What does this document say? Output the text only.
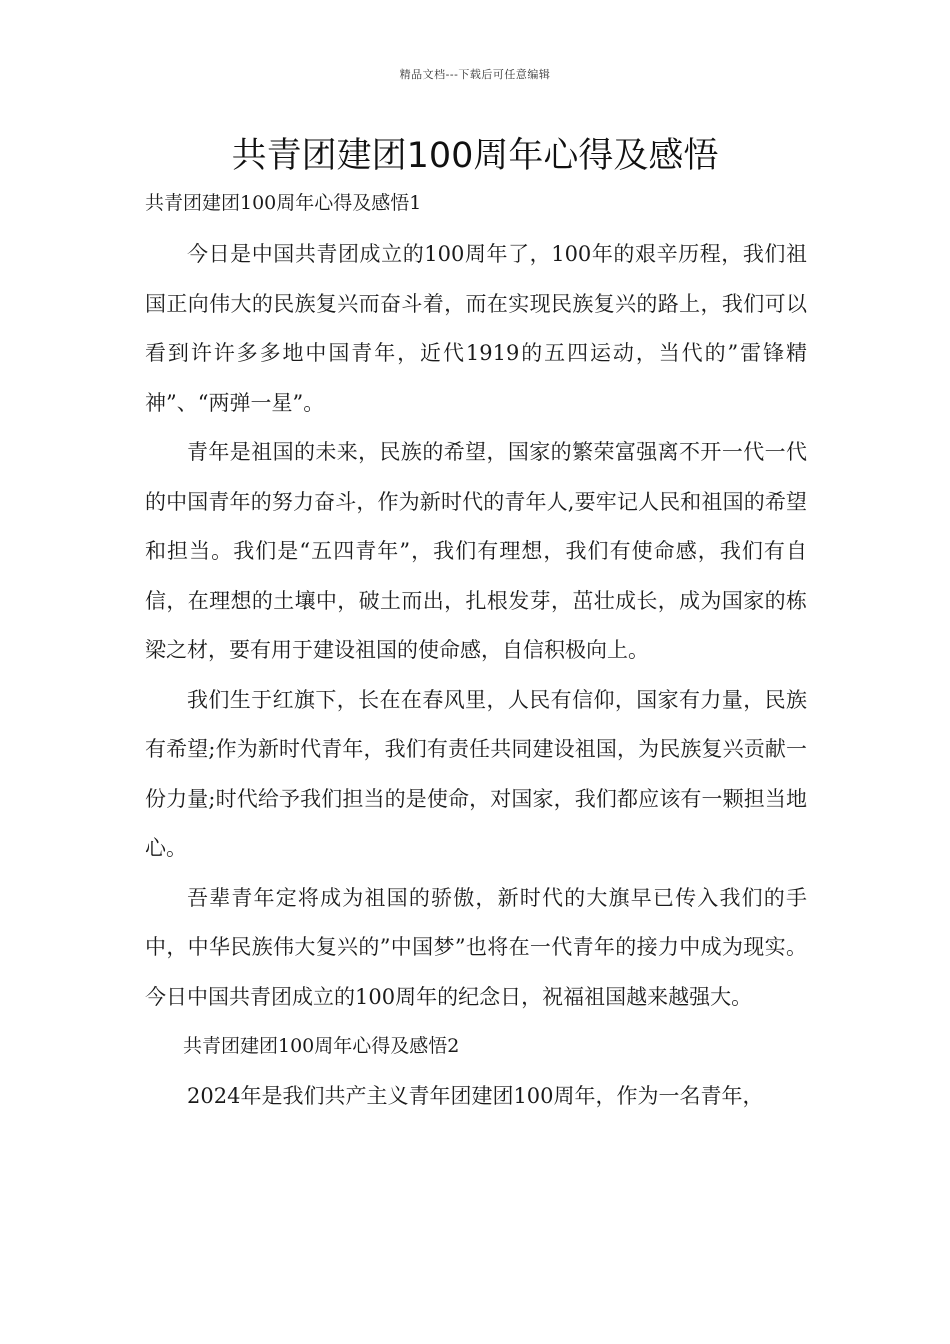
精品文档---下载后可任意编辑
共青团建团100周年心得及感悟
共青团建团100周年心得及感悟1

今日是中国共青团成立的100周年了，100年的艰辛历程，我们祖国正向伟大的民族复兴而奋斗着，而在实现民族复兴的路上，我们可以看到许许多多地中国青年，近代1919的五四运动，当代的”雷锋精神”、“两弹一星”。

青年是祖国的未来，民族的希望，国家的繁荣富强离不开一代一代的中国青年的努力奋斗，作为新时代的青年人,要牢记人民和祖国的希望和担当。我们是“五四青年”，我们有理想，我们有使命感，我们有自信，在理想的土壤中，破土而出，扎根发芽，茁壮成长，成为国家的栋梁之材，要有用于建设祖国的使命感，自信积极向上。

我们生于红旗下，长在在春风里，人民有信仰，国家有力量，民族有希望;作为新时代青年，我们有责任共同建设祖国，为民族复兴贡献一份力量;时代给予我们担当的是使命，对国家，我们都应该有一颗担当地心。

吾辈青年定将成为祖国的骄傲，新时代的大旗早已传入我们的手中，中华民族伟大复兴的”中国梦”也将在一代青年的接力中成为现实。今日中国共青团成立的100周年的纪念日，祝福祖国越来越强大。

共青团建团100周年心得及感悟2

2024年是我们共产主义青年团建团100周年，作为一名青年，
